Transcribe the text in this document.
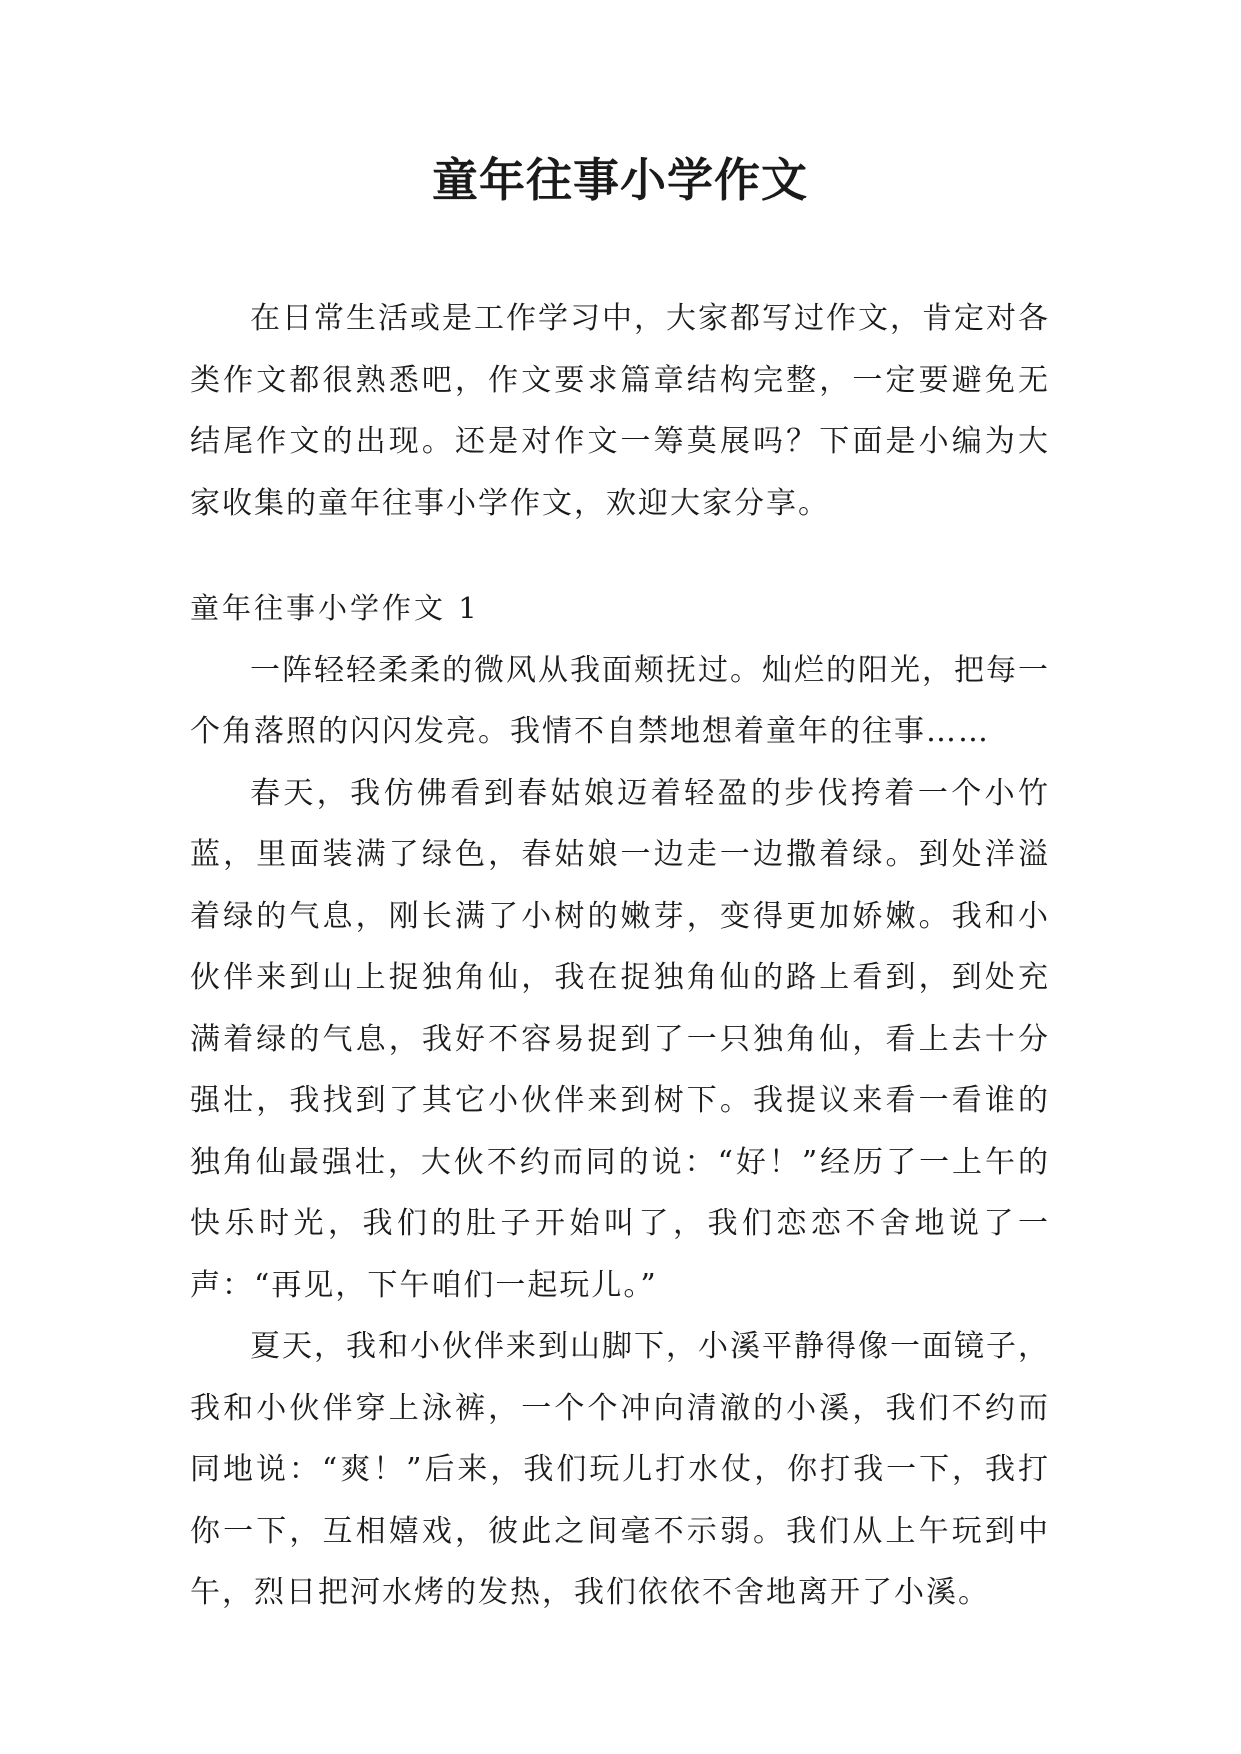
童年往事小学作文

在日常生活或是工作学习中，大家都写过作文，肯定对各类作文都很熟悉吧，作文要求篇章结构完整，一定要避免无结尾作文的出现。还是对作文一筹莫展吗？下面是小编为大家收集的童年往事小学作文，欢迎大家分享。

童年往事小学作文 1

一阵轻轻柔柔的微风从我面颊抚过。灿烂的阳光，把每一个角落照的闪闪发亮。我情不自禁地想着童年的往事……

春天，我仿佛看到春姑娘迈着轻盈的步伐挎着一个小竹蓝，里面装满了绿色，春姑娘一边走一边撒着绿。到处洋溢着绿的气息，刚长满了小树的嫩芽，变得更加娇嫩。我和小伙伴来到山上捉独角仙，我在捉独角仙的路上看到，到处充满着绿的气息，我好不容易捉到了一只独角仙，看上去十分强壮，我找到了其它小伙伴来到树下。我提议来看一看谁的独角仙最强壮，大伙不约而同的说：“好！”经历了一上午的快乐时光，我们的肚子开始叫了，我们恋恋不舍地说了一声：“再见，下午咱们一起玩儿。”

夏天，我和小伙伴来到山脚下，小溪平静得像一面镜子，我和小伙伴穿上泳裤，一个个冲向清澈的小溪，我们不约而同地说：“爽！”后来，我们玩儿打水仗，你打我一下，我打你一下，互相嬉戏，彼此之间毫不示弱。我们从上午玩到中午，烈日把河水烤的发热，我们依依不舍地离开了小溪。
